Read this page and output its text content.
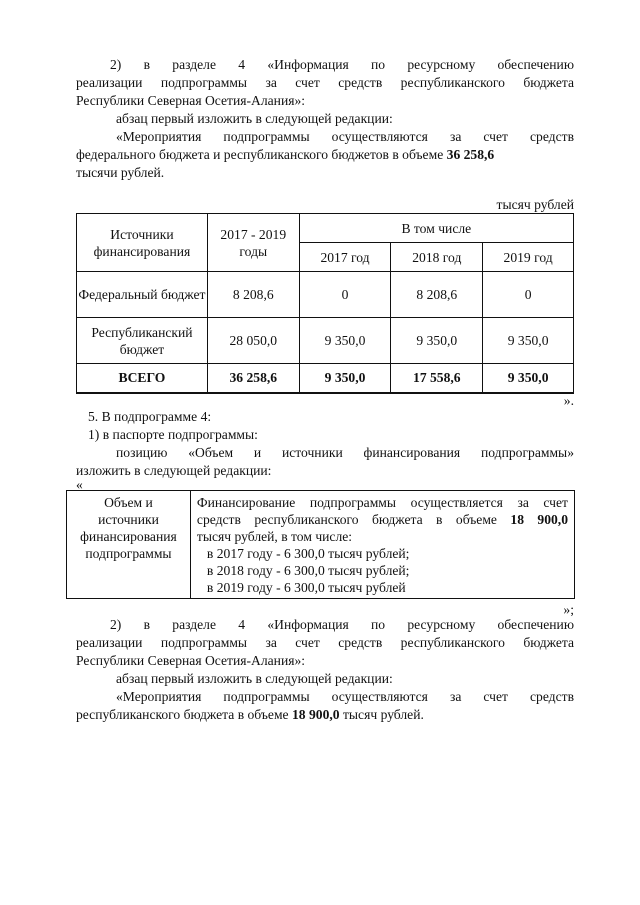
2) в разделе 4 «Информация по ресурсному обеспечению
реализации подпрограммы за счет средств республиканского бюджета
Республики Северная Осетия-Алания»:
абзац первый изложить в следующей редакции:
«Мероприятия подпрограммы осуществляются за счет средств
федерального бюджета и республиканского бюджетов в объеме 36 258,6
тысячи рублей.
тысяч рублей
Источники финансирования	2017 - 2019 годы	В том числе		
		2017 год	2018 год	2019 год
Федеральный бюджет	8 208,6	0	8 208,6	0
Республиканский бюджет	28 050,0	9 350,0	9 350,0	9 350,0
ВСЕГО	36 258,6	9 350,0	17 558,6	9 350,0
».
5. В подпрограмме 4:
1) в паспорте подпрограммы:
позицию «Объем и источники финансирования подпрограммы»
изложить в следующей редакции:
«
Объем и
источники
финансирования
подпрограммы

Финансирование подпрограммы осуществляется за счет
средств республиканского бюджета в объеме 18 900,0
тысяч рублей, в том числе:
в 2017 году - 6 300,0 тысяч рублей;
в 2018 году - 6 300,0 тысяч рублей;
в 2019 году - 6 300,0 тысяч рублей
»;
2) в разделе 4 «Информация по ресурсному обеспечению
реализации подпрограммы за счет средств республиканского бюджета
Республики Северная Осетия-Алания»:
абзац первый изложить в следующей редакции:
«Мероприятия подпрограммы осуществляются за счет средств
республиканского бюджета в объеме 18 900,0 тысяч рублей.
